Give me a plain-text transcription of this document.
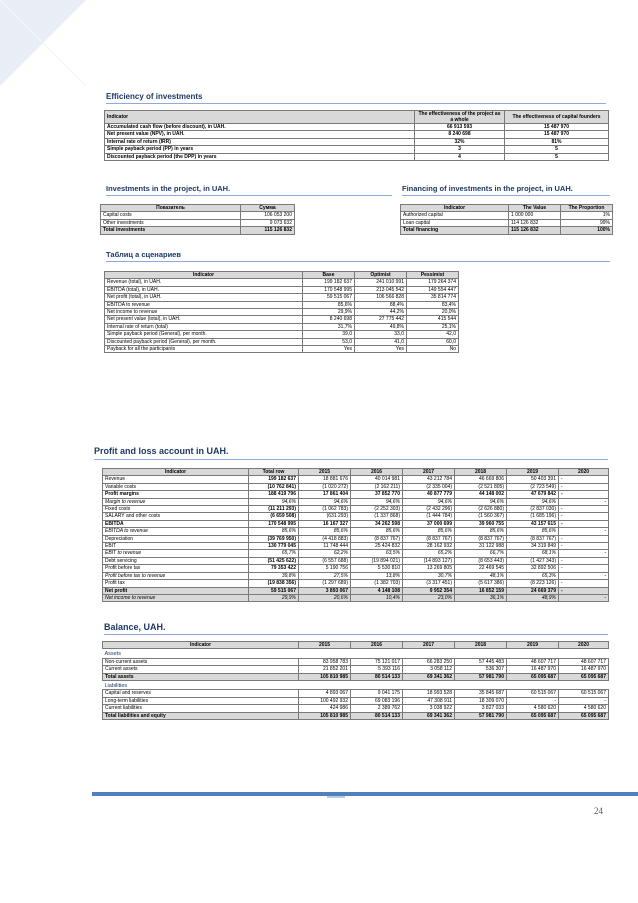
Efficiency of investments
Indicator	The effectiveness of the project as a whole	The effectiveness of capital founders
Accumulated cash flow (before discount), in UAH.	66 913 593	15 487 970
Net present value (NPV), in UAH.	8 240 698	15 487 970
Internal rate of return (IRR)	32%	81%
Simple payback period (PP) in years	3	5
Discounted payback period (the DPP) in years	4	5
Investments in the project, in UAH.
Показатель	Сумма
Capital costs	106 053 200
Other investments	9 073 632
Total investments	115 126 832
Financing of investments in the project, in UAH.
Indicator	The Value	The Proportion
Authorized capital	1 000 000	1%
Loan capital	114 126 832	99%
Total financing	115 126 832	100%
Таблиц а сценариев
Indicator	Base	Optimist	Pessimist
Revenue (total), in UAH.	199 182 637	241 010 991	179 264 374
EBITDA (total), in UAH.	170 548 995	213 045 542	149 554 447
Net profit (total), in UAH.	59 515 067	106 566 828	35 814 774
EBITDA to revenue	85,6%	88,4%	83,4%
Net income to revenue	29,9%	44,2%	20,0%
Net present value (total), in UAH.	8 240 698	27 775 442	415 544
Internal rate of return (total)	31,7%	49,8%	25,1%
Simple payback period (General), per month.	39,0	33,0	42,0
Discounted payback period (General), per month.	53,0	41,0	60,0
Payback for all the participants	Yes	Yes	No
Profit and loss account in UAH.
Indicator	Total row	2015	2016	2017	2018	2019	2020
Revenue	199 182 637	18 881 676	40 014 981	43 212 784	46 669 806	50 403 391	-
Variable costs	(10 762 841)	(1 020 272)	(2 162 211)	(2 335 004)	(2 521 805)	(2 723 549)	-
Profit margins	188 419 796	17 861 404	37 852 770	40 877 779	44 148 002	47 679 842	-
Margin to revenue	94,6%	94,6%	94,6%	94,6%	94,6%	94,6%	-
Fixed costs	(11 211 293)	(1 062 783)	(2 252 303)	(2 432 296)	(2 626 880)	(2 837 030)	-
SALARY and other costs	(6 659 508)	(631 293)	(1 337 868)	(1 444 784)	(1 560 367)	(1 685 196)	-
EBITDA	170 548 995	16 167 327	34 262 598	37 000 699	39 960 755	43 157 615	-
EBITDA to revenue	85,6%	85,6%	85,6%	85,6%	85,6%	85,6%	-
Depreciation	(39 769 950)	(4 418 883)	(8 837 767)	(8 837 767)	(8 837 767)	(8 837 767)	-
EBIT	130 779 045	11 748 444	25 424 832	28 162 932	31 122 988	34 319 849	-
EBIT to revenue	65,7%	62,2%	63,5%	65,2%	66,7%	68,1%	-
Debt servicing	(51 425 622)	(6 557 688)	(19 894 021)	(14 893 127)	(8 653 443)	(1 427 343)	-
Profit before tax	79 353 422	5 190 756	5 530 810	13 269 805	22 469 545	32 892 506	-
Profit before tax to revenue	39,8%	27,5%	13,8%	30,7%	48,1%	65,3%	-
Profit tax	(19 838 356)	(1 297 689)	(1 382 703)	(3 317 451)	(5 617 386)	(8 223 126)	-
Net profit	59 515 067	3 893 067	4 148 108	9 952 354	16 852 159	24 669 379	-
Net income to revenue	29,9%	20,6%	10,4%	23,0%	36,1%	48,9%	-
Balance, UAH.
Indicator	2015	2016	2017	2018	2019	2020
Assets						
Non-current assets	83 958 783	75 121 017	66 283 250	57 445 483	48 607 717	48 607 717
Current assets	21 852 201	5 393 116	3 058 112	536 307	16 487 970	16 487 970
Total assets	105 810 985	80 514 133	69 341 362	57 981 790	65 095 687	65 095 687
Liabilities						
Capital and reserves	4 893 067	9 041 175	18 993 528	35 845 687	60 515 067	60 515 067
Long-term liabilities	100 492 932	69 083 196	47 308 911	18 309 070	-	-
Current liabilities	424 986	2 389 762	3 038 922	3 827 033	4 580 620	4 580 620
Total liabilities and equity	105 810 985	80 514 133	69 341 362	57 981 790	65 095 687	65 095 687
24
